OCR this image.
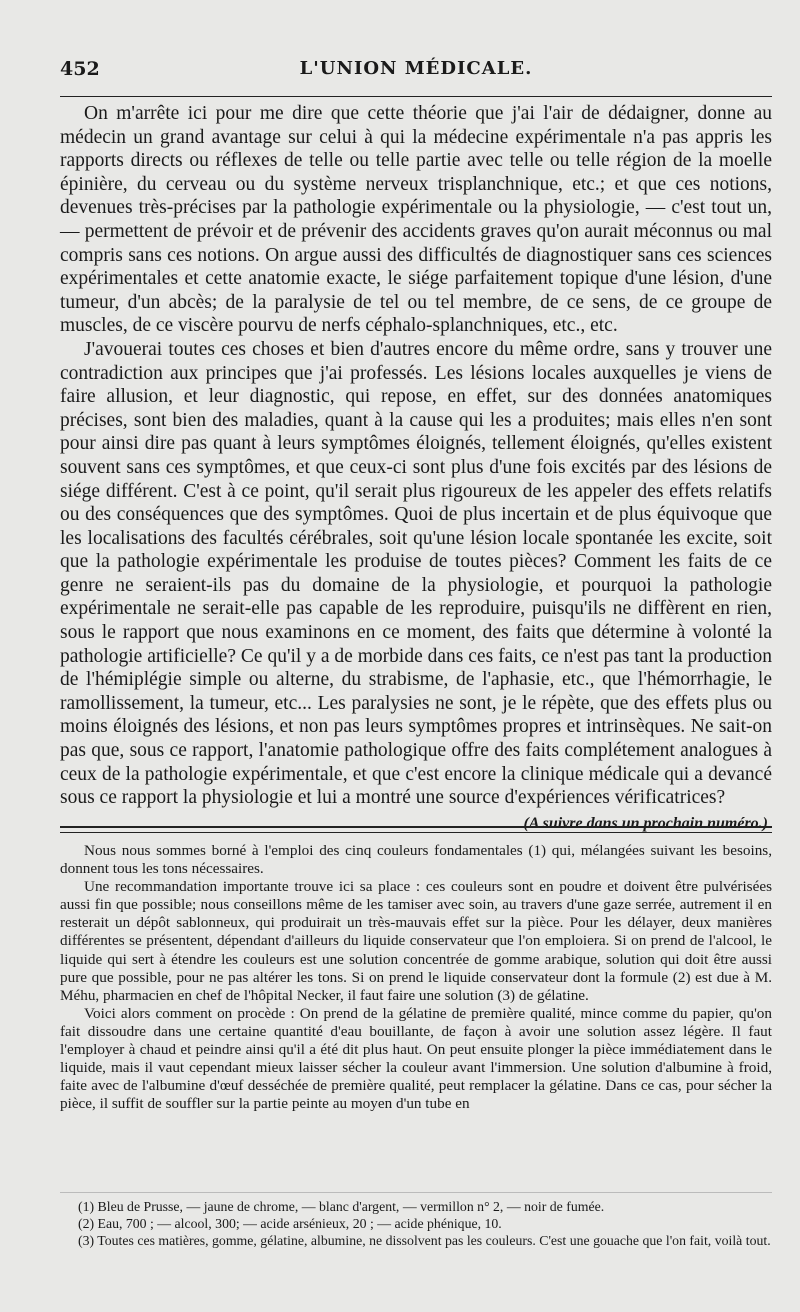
452	L'UNION MÉDICALE.

On m'arrête ici pour me dire que cette théorie que j'ai l'air de dédaigner, donne au médecin un grand avantage sur celui à qui la médecine expérimentale n'a pas appris les rapports directs ou réflexes de telle ou telle partie avec telle ou telle région de la moelle épinière, du cerveau ou du système nerveux trisplanchnique, etc.; et que ces notions, devenues très-précises par la pathologie expérimentale ou la physiologie, — c'est tout un, — permettent de prévoir et de prévenir des accidents graves qu'on aurait méconnus ou mal compris sans ces notions. On argue aussi des difficultés de diagnostiquer sans ces sciences expérimentales et cette anatomie exacte, le siége parfaitement topique d'une lésion, d'une tumeur, d'un abcès; de la paralysie de tel ou tel membre, de ce sens, de ce groupe de muscles, de ce viscère pourvu de nerfs céphalo-splanchniques, etc., etc.

J'avouerai toutes ces choses et bien d'autres encore du même ordre, sans y trouver une contradiction aux principes que j'ai professés. Les lésions locales auxquelles je viens de faire allusion, et leur diagnostic, qui repose, en effet, sur des données anatomiques précises, sont bien des maladies, quant à la cause qui les a produites; mais elles n'en sont pour ainsi dire pas quant à leurs symptômes éloignés, tellement éloignés, qu'elles existent souvent sans ces symptômes, et que ceux-ci sont plus d'une fois excités par des lésions de siége différent. C'est à ce point, qu'il serait plus rigoureux de les appeler des effets relatifs ou des conséquences que des symptômes. Quoi de plus incertain et de plus équivoque que les localisations des facultés cérébrales, soit qu'une lésion locale spontanée les excite, soit que la pathologie expérimentale les produise de toutes pièces? Comment les faits de ce genre ne seraient-ils pas du domaine de la physiologie, et pourquoi la pathologie expérimentale ne serait-elle pas capable de les reproduire, puisqu'ils ne diffèrent en rien, sous le rapport que nous examinons en ce moment, des faits que détermine à volonté la pathologie artificielle? Ce qu'il y a de morbide dans ces faits, ce n'est pas tant la production de l'hémiplégie simple ou alterne, du strabisme, de l'aphasie, etc., que l'hémorrhagie, le ramollissement, la tumeur, etc... Les paralysies ne sont, je le répète, que des effets plus ou moins éloignés des lésions, et non pas leurs symptômes propres et intrinsèques. Ne sait-on pas que, sous ce rapport, l'anatomie pathologique offre des faits complétement analogues à ceux de la pathologie expérimentale, et que c'est encore la clinique médicale qui a devancé sous ce rapport la physiologie et lui a montré une source d'expériences vérificatrices?

(A suivre dans un prochain numéro.)

Nous nous sommes borné à l'emploi des cinq couleurs fondamentales (1) qui, mélangées suivant les besoins, donnent tous les tons nécessaires.

Une recommandation importante trouve ici sa place : ces couleurs sont en poudre et doivent être pulvérisées aussi fin que possible; nous conseillons même de les tamiser avec soin, au travers d'une gaze serrée, autrement il en resterait un dépôt sablonneux, qui produirait un très-mauvais effet sur la pièce. Pour les délayer, deux manières différentes se présentent, dépendant d'ailleurs du liquide conservateur que l'on emploiera. Si on prend de l'alcool, le liquide qui sert à étendre les couleurs est une solution concentrée de gomme arabique, solution qui doit être aussi pure que possible, pour ne pas altérer les tons. Si on prend le liquide conservateur dont la formule (2) est due à M. Méhu, pharmacien en chef de l'hôpital Necker, il faut faire une solution (3) de gélatine.

Voici alors comment on procède : On prend de la gélatine de première qualité, mince comme du papier, qu'on fait dissoudre dans une certaine quantité d'eau bouillante, de façon à avoir une solution assez légère. Il faut l'employer à chaud et peindre ainsi qu'il a été dit plus haut. On peut ensuite plonger la pièce immédiatement dans le liquide, mais il vaut cependant mieux laisser sécher la couleur avant l'immersion. Une solution d'albumine à froid, faite avec de l'albumine d'œuf desséchée de première qualité, peut remplacer la gélatine. Dans ce cas, pour sécher la pièce, il suffit de souffler sur la partie peinte au moyen d'un tube en

(1) Bleu de Prusse, — jaune de chrome, — blanc d'argent, — vermillon n° 2, — noir de fumée.

(2) Eau, 700 ; — alcool, 300; — acide arsénieux, 20 ; — acide phénique, 10.

(3) Toutes ces matières, gomme, gélatine, albumine, ne dissolvent pas les couleurs. C'est une gouache que l'on fait, voilà tout.
